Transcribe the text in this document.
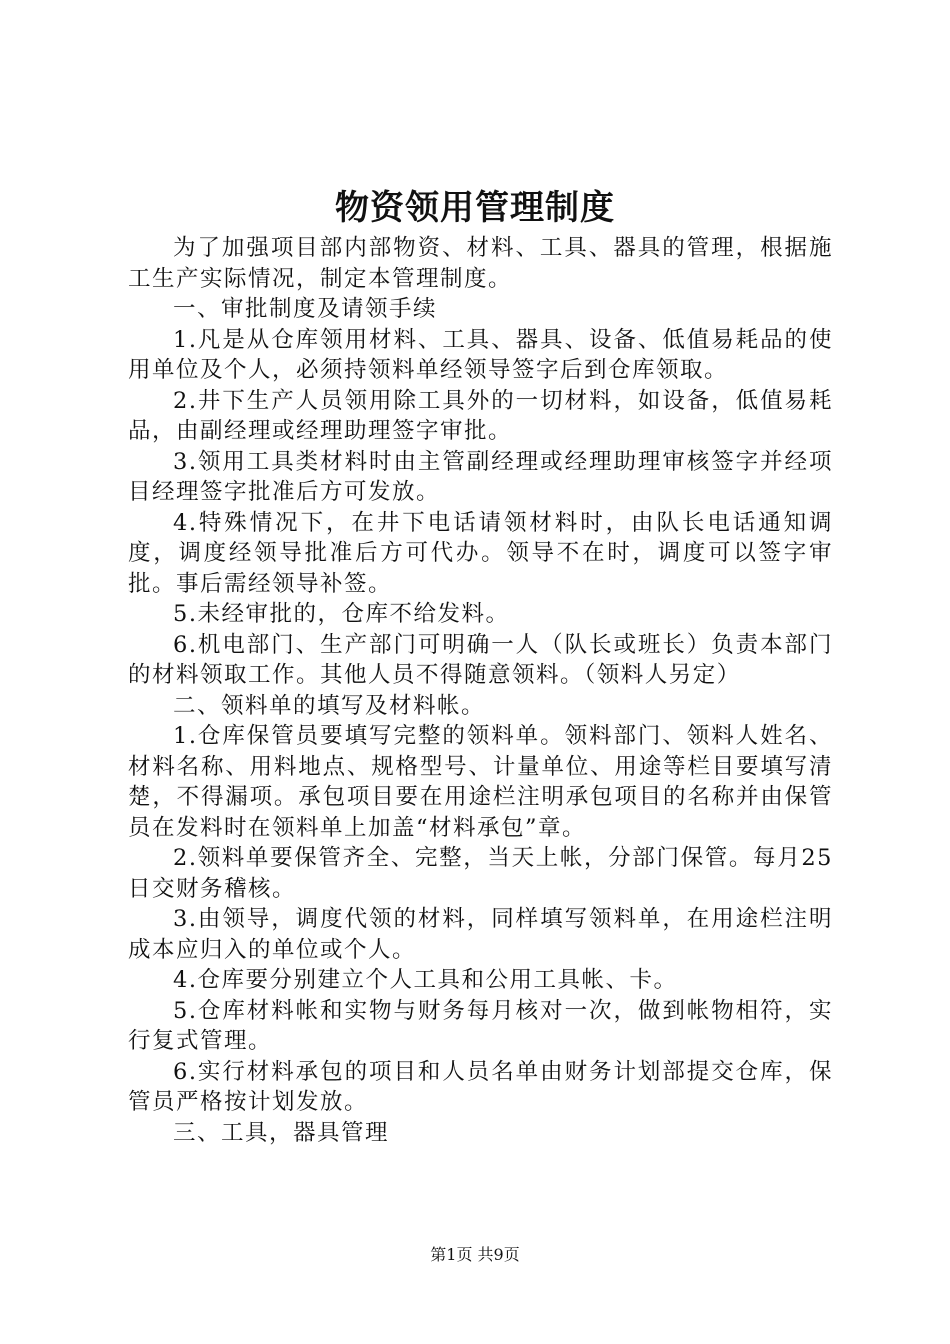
物资领用管理制度

为了加强项目部内部物资、材料、工具、器具的管理，根据施工生产实际情况，制定本管理制度。

一、审批制度及请领手续

1.凡是从仓库领用材料、工具、器具、设备、低值易耗品的使用单位及个人，必须持领料单经领导签字后到仓库领取。

2.井下生产人员领用除工具外的一切材料，如设备，低值易耗品，由副经理或经理助理签字审批。

3.领用工具类材料时由主管副经理或经理助理审核签字并经项目经理签字批准后方可发放。

4.特殊情况下，在井下电话请领材料时，由队长电话通知调度，调度经领导批准后方可代办。领导不在时，调度可以签字审批。事后需经领导补签。

5.未经审批的，仓库不给发料。

6.机电部门、生产部门可明确一人（队长或班长）负责本部门的材料领取工作。其他人员不得随意领料。（领料人另定）

二、领料单的填写及材料帐。

1.仓库保管员要填写完整的领料单。领料部门、领料人姓名、材料名称、用料地点、规格型号、计量单位、用途等栏目要填写清楚，不得漏项。承包项目要在用途栏注明承包项目的名称并由保管员在发料时在领料单上加盖“材料承包”章。

2.领料单要保管齐全、完整，当天上帐，分部门保管。每月25日交财务稽核。

3.由领导，调度代领的材料，同样填写领料单，在用途栏注明成本应归入的单位或个人。

4.仓库要分别建立个人工具和公用工具帐、卡。

5.仓库材料帐和实物与财务每月核对一次，做到帐物相符，实行复式管理。

6.实行材料承包的项目和人员名单由财务计划部提交仓库，保管员严格按计划发放。

三、工具，器具管理

第1页 共9页
